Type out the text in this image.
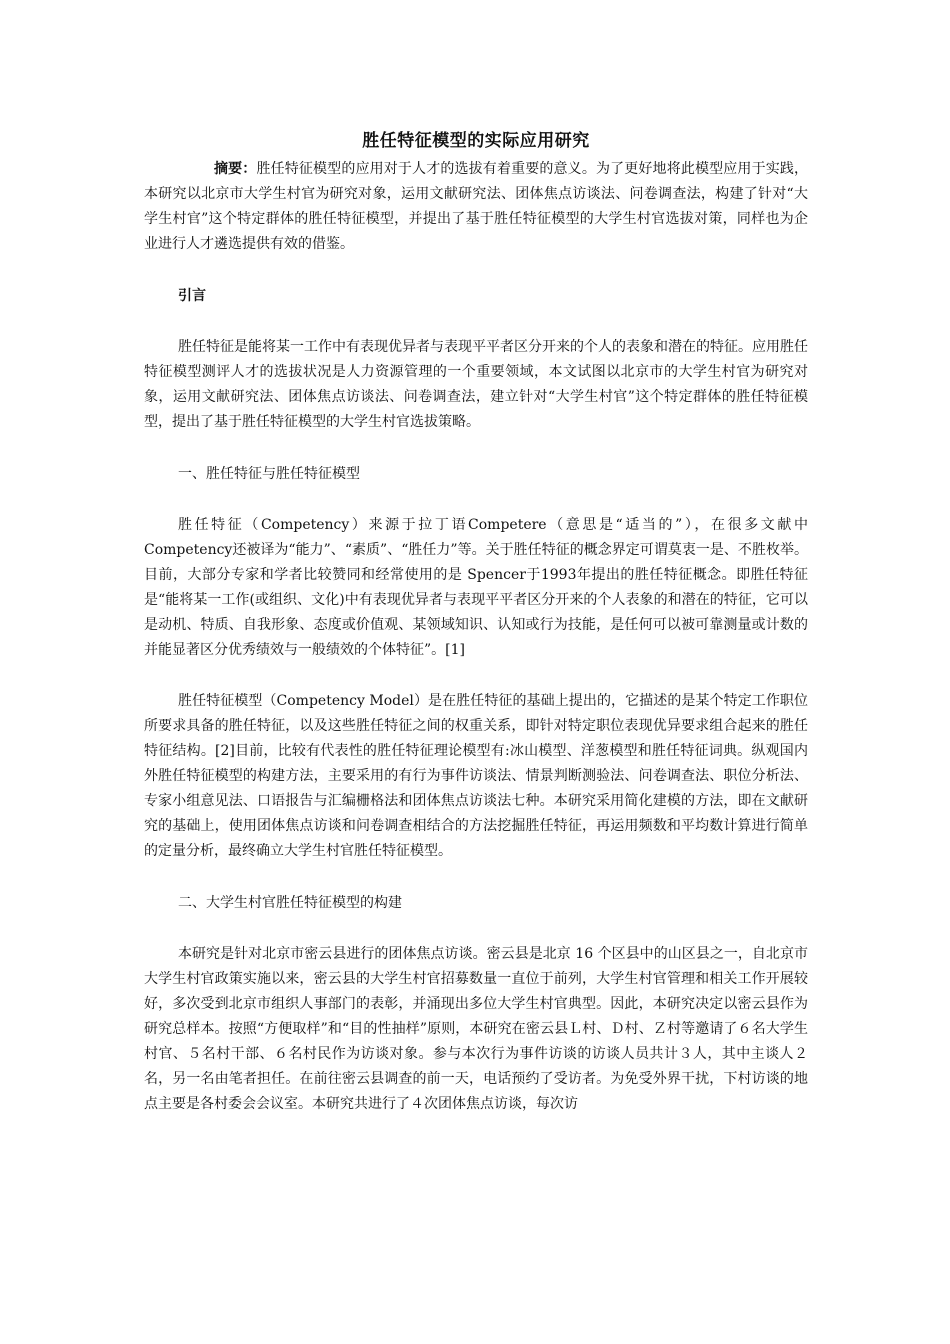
胜任特征模型的实际应用研究

摘要：胜任特征模型的应用对于人才的选拔有着重要的意义。为了更好地将此模型应用于实践，本研究以北京市大学生村官为研究对象，运用文献研究法、团体焦点访谈法、问卷调查法，构建了针对“大学生村官”这个特定群体的胜任特征模型，并提出了基于胜任特征模型的大学生村官选拔对策，同样也为企业进行人才遴选提供有效的借鉴。

引言

胜任特征是能将某一工作中有表现优异者与表现平平者区分开来的个人的表象和潜在的特征。应用胜任特征模型测评人才的选拔状况是人力资源管理的一个重要领域，本文试图以北京市的大学生村官为研究对象，运用文献研究法、团体焦点访谈法、问卷调查法，建立针对“大学生村官”这个特定群体的胜任特征模型，提出了基于胜任特征模型的大学生村官选拔策略。

一、胜任特征与胜任特征模型

胜任特征（Competency）来源于拉丁语Competere（意思是“适当的”），在很多文献中Competency还被译为“能力”、“素质”、“胜任力”等。关于胜任特征的概念界定可谓莫衷一是、不胜枚举。目前，大部分专家和学者比较赞同和经常使用的是 Spencer于1993年提出的胜任特征概念。即胜任特征是“能将某一工作(或组织、文化)中有表现优异者与表现平平者区分开来的个人表象的和潜在的特征，它可以是动机、特质、自我形象、态度或价值观、某领域知识、认知或行为技能，是任何可以被可靠测量或计数的并能显著区分优秀绩效与一般绩效的个体特征”。[1]

胜任特征模型（Competency Model）是在胜任特征的基础上提出的，它描述的是某个特定工作职位所要求具备的胜任特征，以及这些胜任特征之间的权重关系，即针对特定职位表现优异要求组合起来的胜任特征结构。[2]目前，比较有代表性的胜任特征理论模型有:冰山模型、洋葱模型和胜任特征词典。纵观国内外胜任特征模型的构建方法，主要采用的有行为事件访谈法、情景判断测验法、问卷调查法、职位分析法、专家小组意见法、口语报告与汇编栅格法和团体焦点访谈法七种。本研究采用简化建模的方法，即在文献研究的基础上，使用团体焦点访谈和问卷调查相结合的方法挖掘胜任特征，再运用频数和平均数计算进行简单的定量分析，最终确立大学生村官胜任特征模型。

二、大学生村官胜任特征模型的构建

本研究是针对北京市密云县进行的团体焦点访谈。密云县是北京 16 个区县中的山区县之一，自北京市大学生村官政策实施以来，密云县的大学生村官招募数量一直位于前列，大学生村官管理和相关工作开展较好，多次受到北京市组织人事部门的表彰，并涌现出多位大学生村官典型。因此，本研究决定以密云县作为研究总样本。按照“方便取样”和“目的性抽样”原则，本研究在密云县Ｌ村、Ｄ村、Ｚ村等邀请了６名大学生村官、５名村干部、６名村民作为访谈对象。参与本次行为事件访谈的访谈人员共计３人，其中主谈人２名，另一名由笔者担任。在前往密云县调查的前一天，电话预约了受访者。为免受外界干扰，下村访谈的地点主要是各村委会会议室。本研究共进行了４次团体焦点访谈，每次访
